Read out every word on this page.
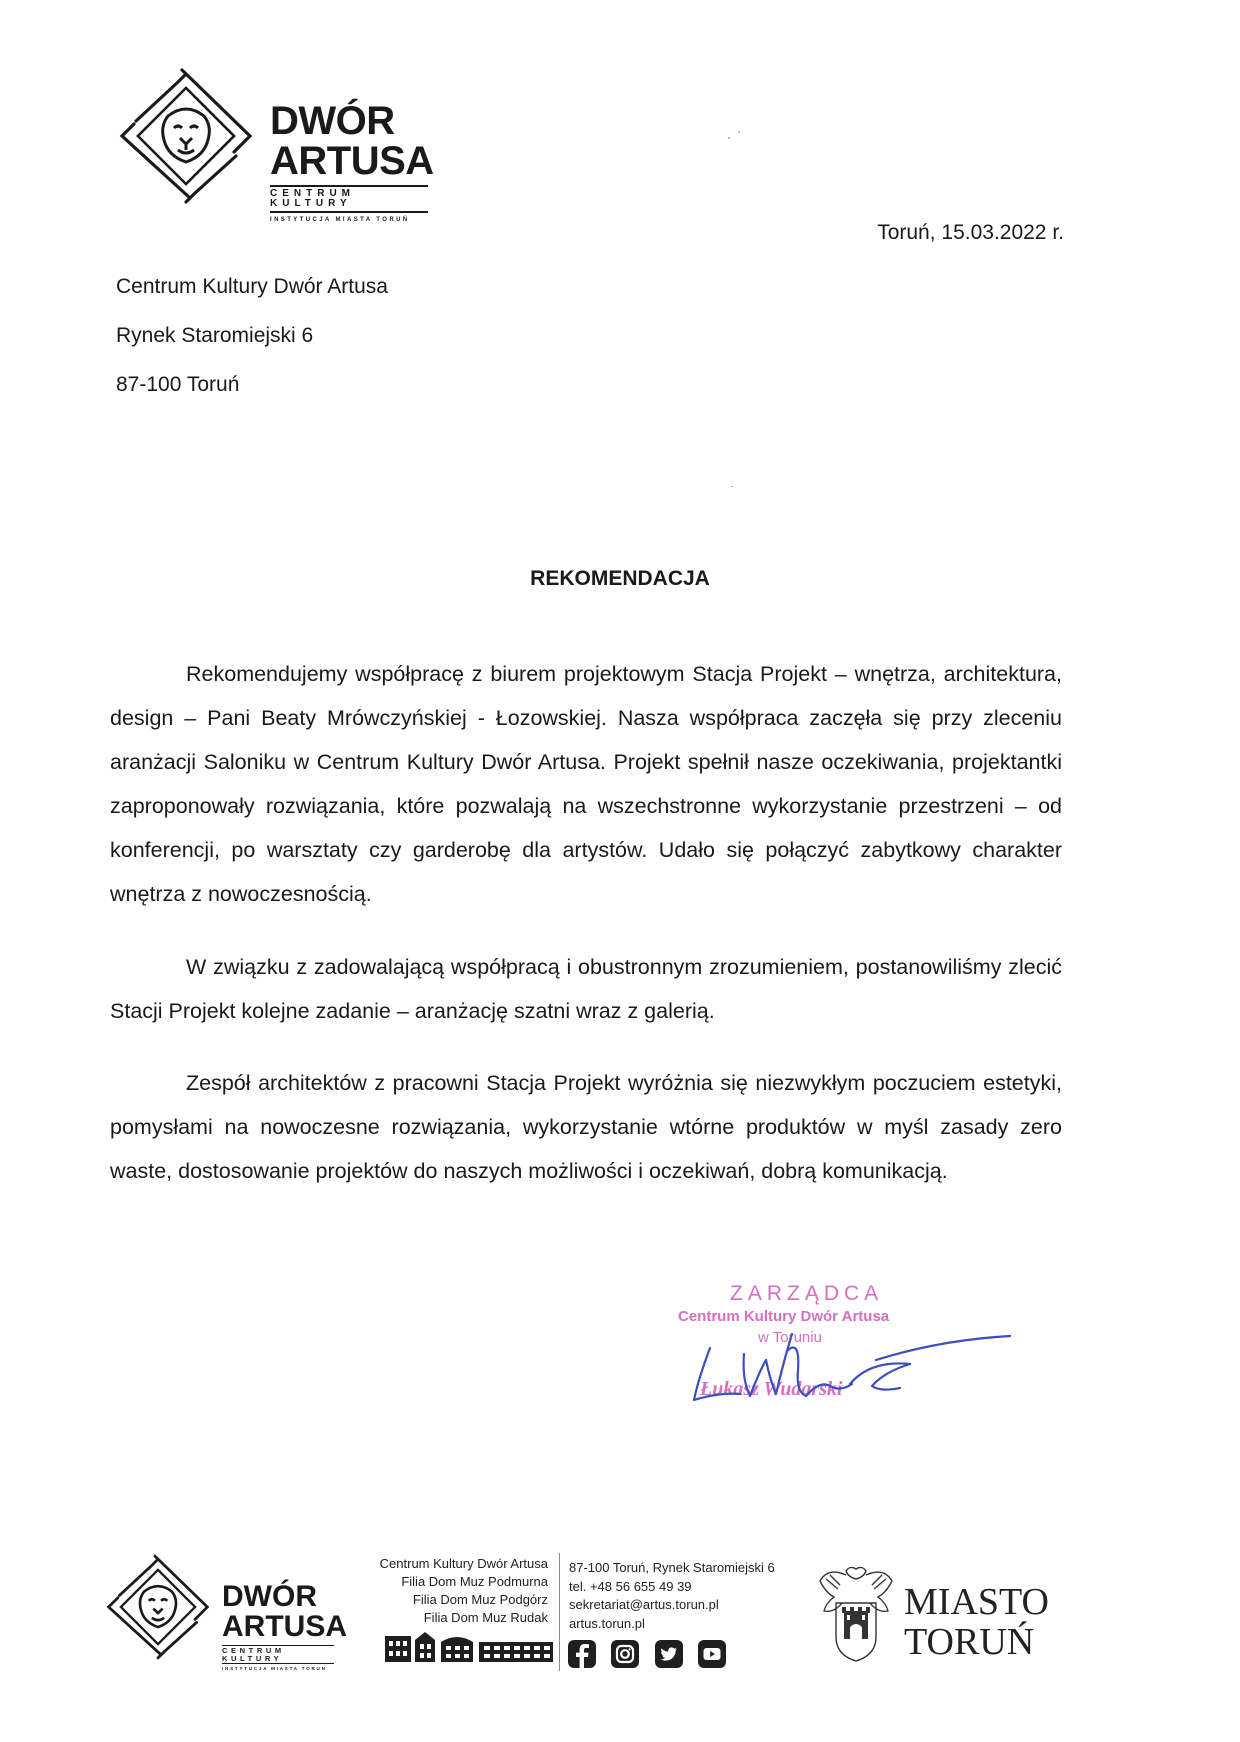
DWÓR
ARTUSA
CENTRUM KULTURY
INSTYTUCJA MIASTA TORUŃ
Toruń, 15.03.2022 r.
Centrum Kultury Dwór Artusa
Rynek Staromiejski 6
87-100 Toruń
REKOMENDACJA

Rekomendujemy współpracę z biurem projektowym Stacja Projekt – wnętrza, architektura, design – Pani Beaty Mrówczyńskiej - Łozowskiej. Nasza współpraca zaczęła się przy zleceniu aranżacji Saloniku w Centrum Kultury Dwór Artusa. Projekt spełnił nasze oczekiwania, projektantki zaproponowały rozwiązania, które pozwalają na wszechstronne wykorzystanie przestrzeni – od konferencji, po warsztaty czy garderobę dla artystów. Udało się połączyć zabytkowy charakter wnętrza z nowoczesnością.

W związku z zadowalającą współpracą i obustronnym zrozumieniem, postanowiliśmy zlecić Stacji Projekt kolejne zadanie – aranżację szatni wraz z galerią.

Zespół architektów z pracowni Stacja Projekt wyróżnia się niezwykłym poczuciem estetyki, pomysłami na nowoczesne rozwiązania, wykorzystanie wtórne produktów w myśl zasady zero waste, dostosowanie projektów do naszych możliwości i oczekiwań, dobrą komunikacją.

ZARZĄDCA
Centrum Kultury Dwór Artusa
w Toruniu
Łukasz Wudarski
DWÓR
ARTUSA
CENTRUM KULTURY
INSTYTUCJA MIASTA TORUŃ
Centrum Kultury Dwór Artusa
Filia Dom Muz Podmurna
Filia Dom Muz Podgórz
Filia Dom Muz Rudak
87-100 Toruń, Rynek Staromiejski 6
tel. +48 56 655 49 39
sekretariat@artus.torun.pl
artus.torun.pl

	MIASTO
TORUŃ
